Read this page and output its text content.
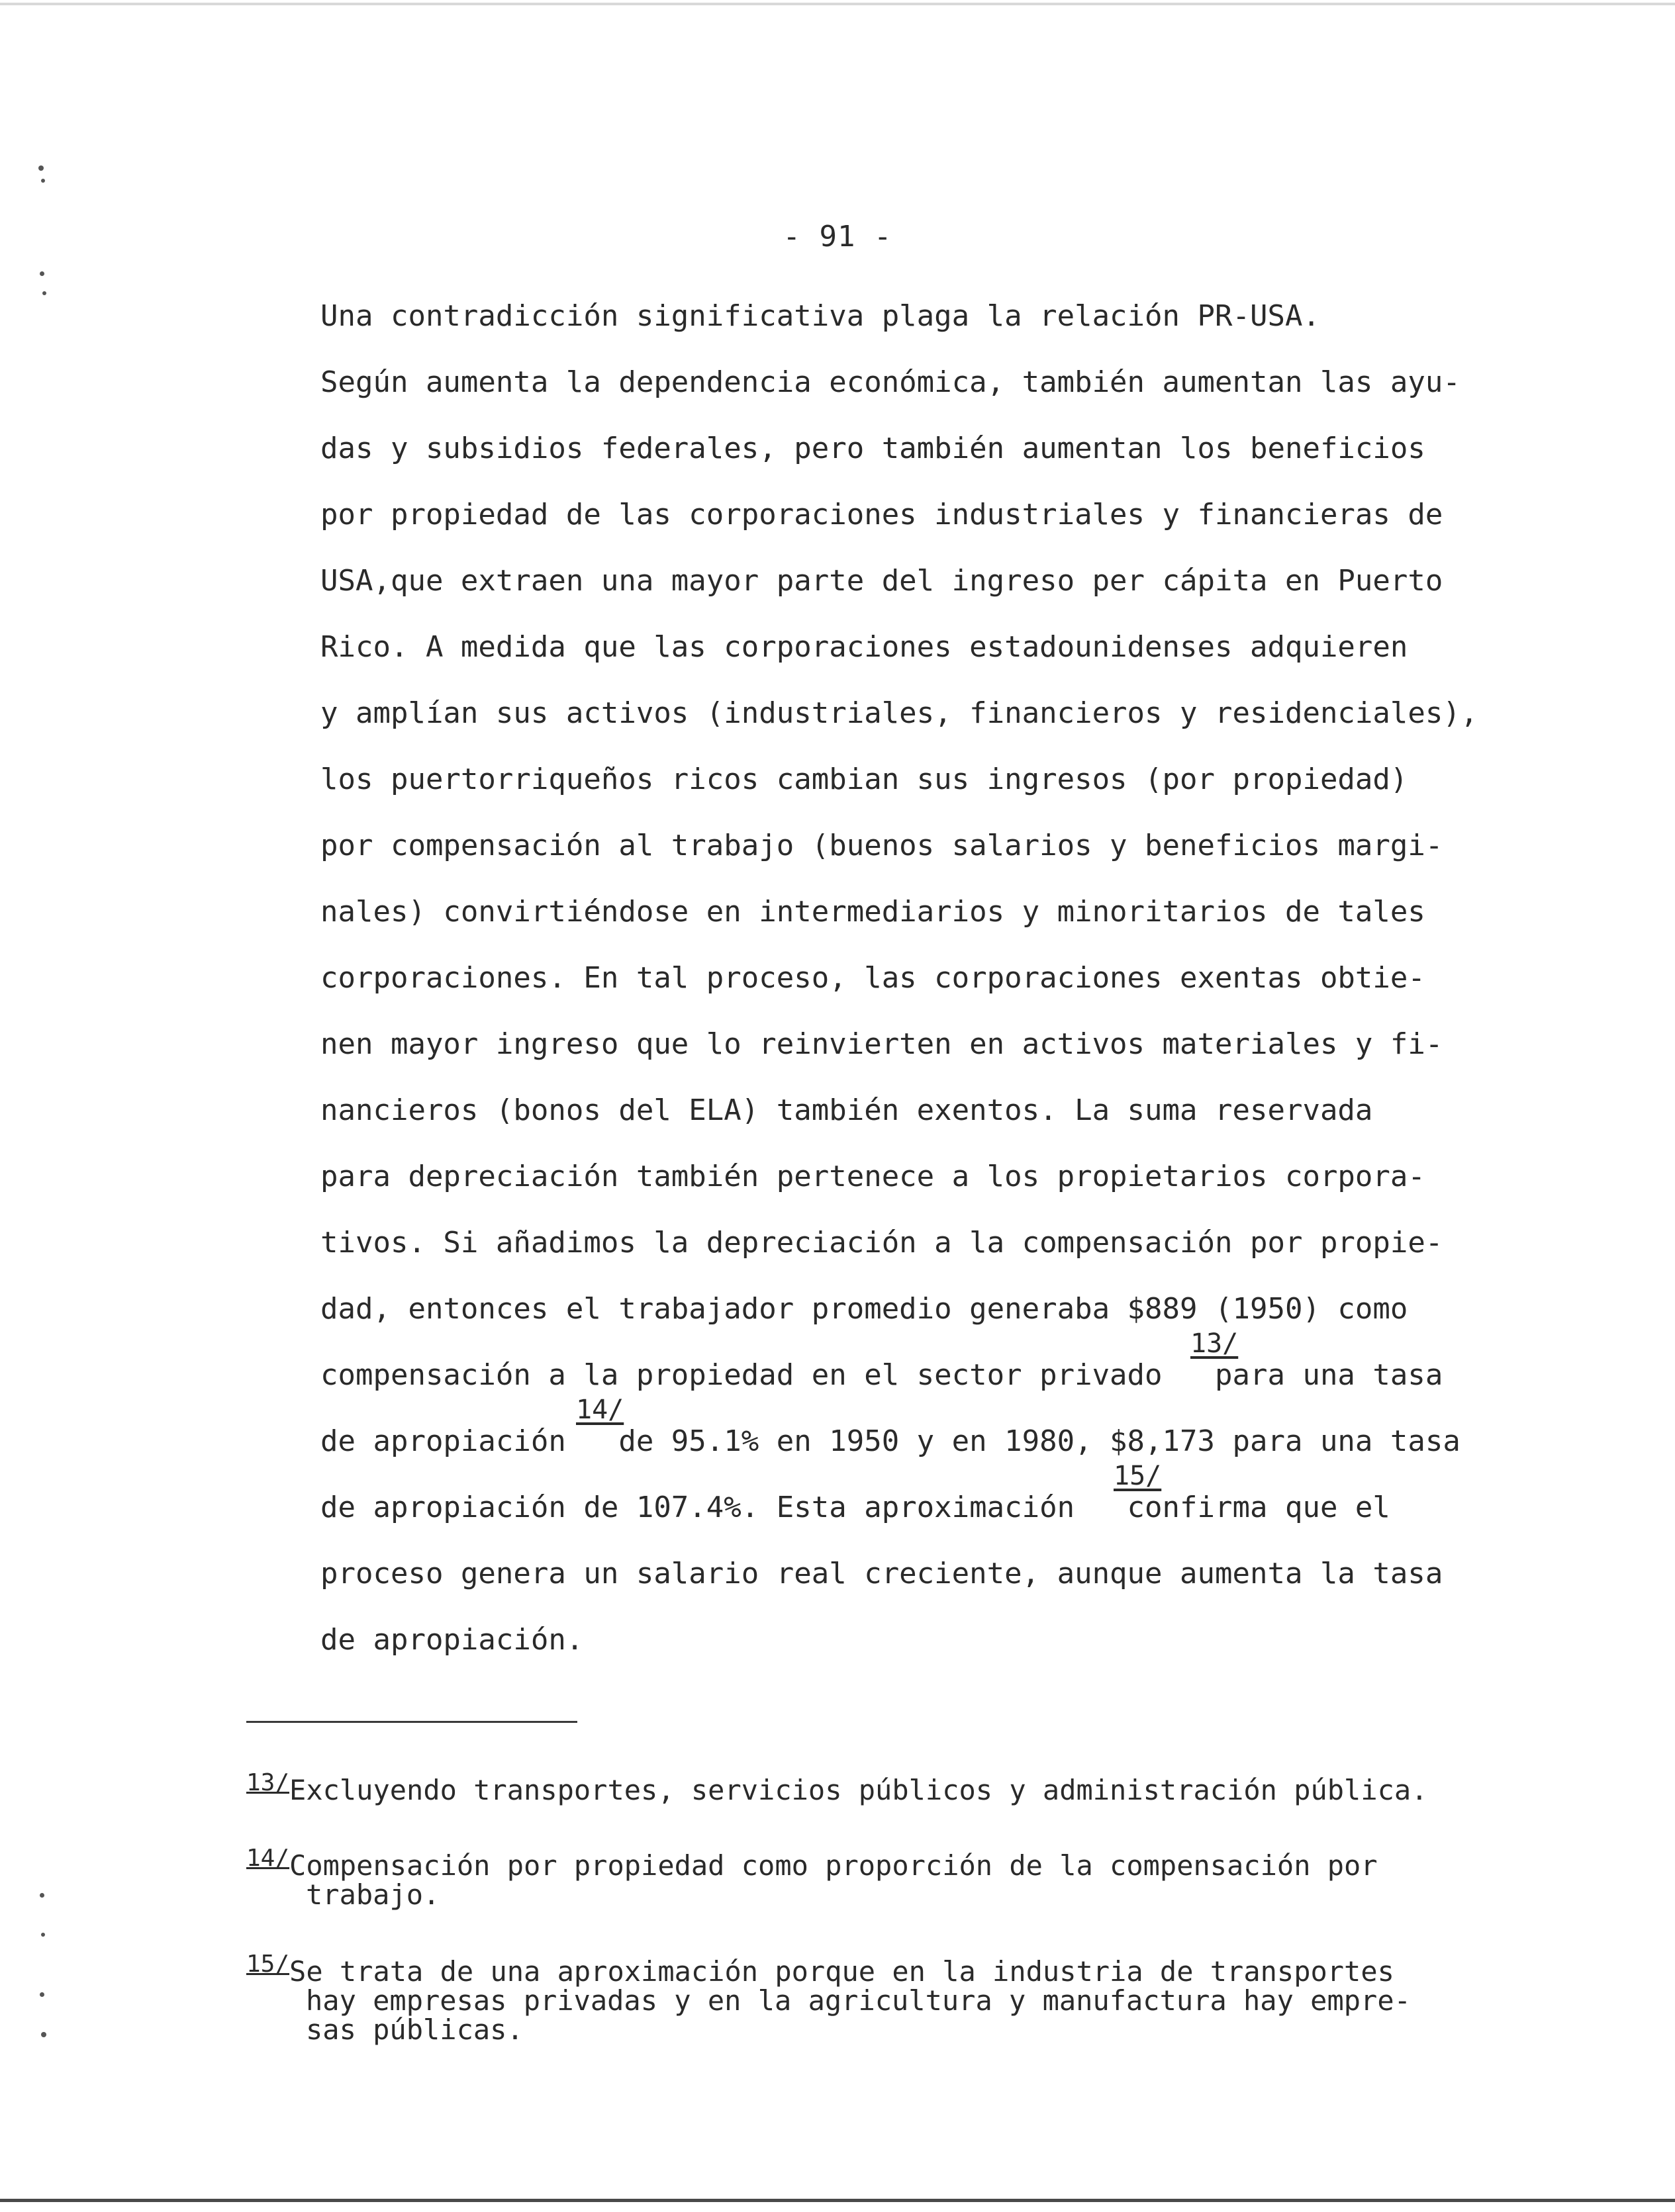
- 91 -
Una contradicción significativa plaga la relación PR-USA.
Según aumenta la dependencia económica, también aumentan las ayu-
das y subsidios federales, pero también aumentan los beneficios
por propiedad de las corporaciones industriales y financieras de
USA,que extraen una mayor parte del ingreso per cápita en Puerto
Rico. A medida que las corporaciones estadounidenses adquieren
y amplían sus activos (industriales, financieros y residenciales),
los puertorriqueños ricos cambian sus ingresos (por propiedad)
por compensación al trabajo (buenos salarios y beneficios margi-
nales) convirtiéndose en intermediarios y minoritarios de tales
corporaciones. En tal proceso, las corporaciones exentas obtie-
nen mayor ingreso que lo reinvierten en activos materiales y fi-
nancieros (bonos del ELA) también exentos. La suma reservada
para depreciación también pertenece a los propietarios corpora-
tivos. Si añadimos la depreciación a la compensación por propie-
dad, entonces el trabajador promedio generaba $889 (1950) como
compensación a la propiedad en el sector privado   para una tasa
de apropiación   de 95.1% en 1950 y en 1980, $8,173 para una tasa
de apropiación de 107.4%. Esta aproximación   confirma que el
proceso genera un salario real creciente, aunque aumenta la tasa
de apropiación.
13/
14/
15/
13/Excluyendo transportes, servicios públicos y administración pública.
14/Compensación por propiedad como proporción de la compensación por
trabajo.
15/Se trata de una aproximación porque en la industria de transportes
hay empresas privadas y en la agricultura y manufactura hay empre-
sas públicas.
